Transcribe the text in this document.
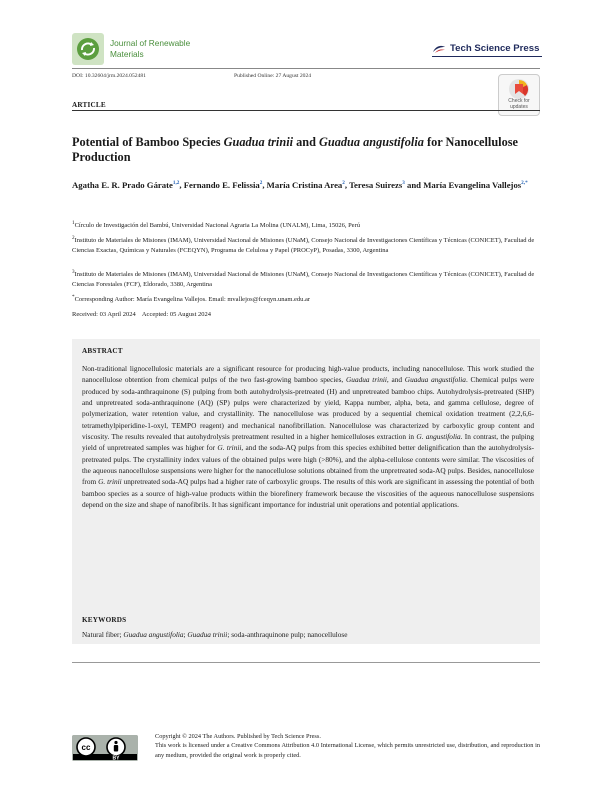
Journal of Renewable Materials	Tech Science Press
DOI: 10.32604/jrm.2024.052481	Published Online: 27 August 2024
Check for updates
ARTICLE
Potential of Bamboo Species Guadua trinii and Guadua angustifolia for Nanocellulose Production
Agatha E. R. Prado Gárate$^{1,2}$, Fernando E. Felissia$^2$, María Cristina Area$^2$, Teresa Suirezs$^3$ and María Evangelina Vallejos$^{2,*}$
$^1$Círculo de Investigación del Bambú, Universidad Nacional Agraria La Molina (UNALM), Lima, 15026, Perú
$^2$Instituto de Materiales de Misiones (IMAM), Universidad Nacional de Misiones (UNaM), Consejo Nacional de Investigaciones Científicas y Técnicas (CONICET), Facultad de Ciencias Exactas, Químicas y Naturales (FCEQYN), Programa de Celulosa y Papel (PROCyP), Posadas, 3300, Argentina
$^3$Instituto de Materiales de Misiones (IMAM), Universidad Nacional de Misiones (UNaM), Consejo Nacional de Investigaciones Científicas y Técnicas (CONICET), Facultad de Ciencias Forestales (FCF), Eldorado, 3380, Argentina
*Corresponding Author: María Evangelina Vallejos. Email: mvallejos@fceqyn.unam.edu.ar
Received: 03 April 2024    Accepted: 05 August 2024
ABSTRACT
Non-traditional lignocellulosic materials are a significant resource for producing high-value products, including nanocellulose. This work studied the nanocellulose obtention from chemical pulps of the two fast-growing bamboo species, Guadua trinii, and Guadua angustifolia. Chemical pulps were produced by soda-anthraquinone (S) pulping from both autohydrolysis-pretreated (H) and unpretreated bamboo chips. Autohydrolysis-pretreated (SHP) and unpretreated soda-anthraquinone (AQ) (SP) pulps were characterized by yield, Kappa number, alpha, beta, and gamma cellulose, degree of polymerization, water retention value, and crystallinity. The nanocellulose was produced by a sequential chemical oxidation treatment (2,2,6,6-tetramethylpiperidine-1-oxyl, TEMPO reagent) and mechanical nanofibrillation. Nanocellulose was characterized by carboxylic group content and viscosity. The results revealed that autohydrolysis pretreatment resulted in a higher hemicelluloses extraction in G. angustifolia. In contrast, the pulping yield of unpretreated samples was higher for G. trinii, and the soda-AQ pulps from this species exhibited better delignification than the autohydrolysis-pretreated pulps. The crystallinity index values of the obtained pulps were high (>80%), and the alpha-cellulose contents were similar. The viscosities of the aqueous nanocellulose suspensions were higher for the nanocellulose solutions obtained from the unpretreated soda-AQ pulps. Besides, nanocellulose from G. trinii unpretreated soda-AQ pulps had a higher rate of carboxylic groups. The results of this work are significant in assessing the potential of both bamboo species as a source of high-value products within the biorefinery framework because the viscosities of the aqueous nanocellulose suspensions depend on the size and shape of nanofibrils. It has significant importance for industrial unit operations and potential applications.
KEYWORDS
Natural fiber; Guadua angustifolia; Guadua trinii; soda-anthraquinone pulp; nanocellulose
cc
BY
Copyright © 2024 The Authors. Published by Tech Science Press.
This work is licensed under a Creative Commons Attribution 4.0 International License, which permits unrestricted use, distribution, and reproduction in any medium, provided the original work is properly cited.
